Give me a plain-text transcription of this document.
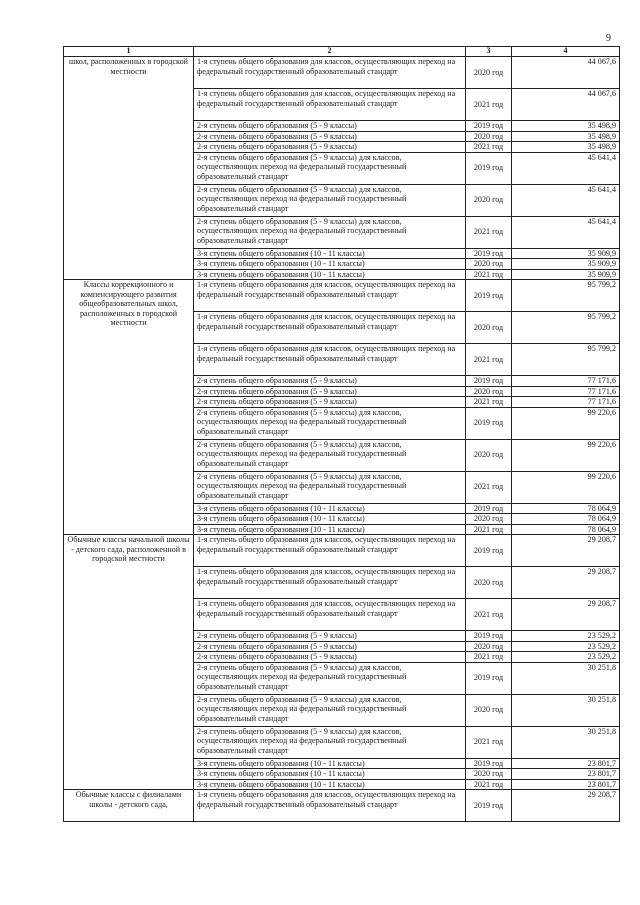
9
1	2	3	4
школ, расположенных в городской местности	1-я ступень общего образования для классов, осуществляющих переход на федеральный государственный образовательный стандарт	2020 год	44 067,6
	1-я ступень общего образования для классов, осуществляющих переход на федеральный государственный образовательный стандарт	2021 год	44 067,6
	2-я ступень общего образования (5 - 9 классы)	2019 год	35 498,9
	2-я ступень общего образования (5 - 9 классы)	2020 год	35 498,9
	2-я ступень общего образования (5 - 9 классы)	2021 год	35 498,9
	2-я ступень общего образования (5 - 9 классы) для классов, осуществляющих переход на федеральный государственный образовательный стандарт	2019 год	45 641,4
	2-я ступень общего образования (5 - 9 классы) для классов, осуществляющих переход на федеральный государственный образовательный стандарт	2020 год	45 641,4
	2-я ступень общего образования (5 - 9 классы) для классов, осуществляющих переход на федеральный государственный образовательный стандарт	2021 год	45 641,4
	3-я ступень общего образования (10 - 11 классы)	2019 год	35 909,9
	3-я ступень общего образования (10 - 11 классы)	2020 год	35 909,9
	3-я ступень общего образования (10 - 11 классы)	2021 год	35 909,9
Классы коррекционного и компенсирующего развития общеобразовательных школ, расположенных в городской местности	1-я ступень общего образования для классов, осуществляющих переход на федеральный государственный образовательный стандарт	2019 год	95 799,2
	1-я ступень общего образования для классов, осуществляющих переход на федеральный государственный образовательный стандарт	2020 год	95 799,2
	1-я ступень общего образования для классов, осуществляющих переход на федеральный государственный образовательный стандарт	2021 год	95 799,2
	2-я ступень общего образования (5 - 9 классы)	2019 год	77 171,6
	2-я ступень общего образования (5 - 9 классы)	2020 год	77 171,6
	2-я ступень общего образования (5 - 9 классы)	2021 год	77 171,6
	2-я ступень общего образования (5 - 9 классы) для классов, осуществляющих переход на федеральный государственный образовательный стандарт	2019 год	99 220,6
	2-я ступень общего образования (5 - 9 классы) для классов, осуществляющих переход на федеральный государственный образовательный стандарт	2020 год	99 220,6
	2-я ступень общего образования (5 - 9 классы) для классов, осуществляющих переход на федеральный государственный образовательный стандарт	2021 год	99 220,6
	3-я ступень общего образования (10 - 11 классы)	2019 год	78 064,9
	3-я ступень общего образования (10 - 11 классы)	2020 год	78 064,9
	3-я ступень общего образования (10 - 11 классы)	2021 год	78 064,9
Обычные классы начальной школы - детского сада, расположенной в городской местности	1-я ступень общего образования для классов, осуществляющих переход на федеральный государственный образовательный стандарт	2019 год	29 208,7
	1-я ступень общего образования для классов, осуществляющих переход на федеральный государственный образовательный стандарт	2020 год	29 208,7
	1-я ступень общего образования для классов, осуществляющих переход на федеральный государственный образовательный стандарт	2021 год	29 208,7
	2-я ступень общего образования (5 - 9 классы)	2019 год	23 529,2
	2-я ступень общего образования (5 - 9 классы)	2020 год	23 529,2
	2-я ступень общего образования (5 - 9 классы)	2021 год	23 529,2
	2-я ступень общего образования (5 - 9 классы) для классов, осуществляющих переход на федеральный государственный образовательный стандарт	2019 год	30 251,8
	2-я ступень общего образования (5 - 9 классы) для классов, осуществляющих переход на федеральный государственный образовательный стандарт	2020 год	30 251,8
	2-я ступень общего образования (5 - 9 классы) для классов, осуществляющих переход на федеральный государственный образовательный стандарт	2021 год	30 251,8
	3-я ступень общего образования (10 - 11 классы)	2019 год	23 801,7
	3-я ступень общего образования (10 - 11 классы)	2020 год	23 801,7
	3-я ступень общего образования (10 - 11 классы)	2021 год	23 801,7
Обычные классы с филиалами школы - детского сада,	1-я ступень общего образования для классов, осуществляющих переход на федеральный государственный образовательный стандарт	2019 год	29 208,7
